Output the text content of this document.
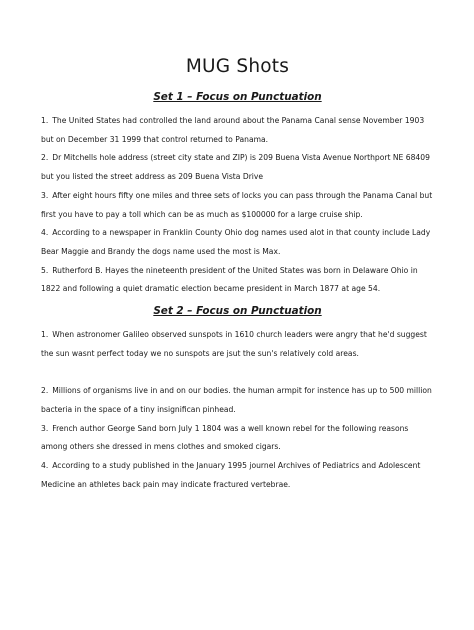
MUG Shots
Set 1 – Focus on Punctuation

1. The United States had controlled the land around about the Panama Canal sense November 1903 but on December 31 1999 that control returned to Panama.

2. Dr Mitchells hole address (street city state and ZIP) is 209 Buena Vista Avenue Northport NE 68409 but you listed the street address as 209 Buena Vista Drive

3. After eight hours fifty one miles and three sets of locks you can pass through the Panama Canal but first you have to pay a toll which can be as much as $100000 for a large cruise ship.

4. According to a newspaper in Franklin County Ohio dog names used alot in that county include Lady Bear Maggie and Brandy the dogs name used the most is Max.

5. Rutherford B. Hayes the nineteenth president of the United States was born in Delaware Ohio in 1822 and following a quiet dramatic election became president in March 1877 at age 54.

Set 2 – Focus on Punctuation

1. When astronomer Galileo observed sunspots in 1610 church leaders were angry that he'd suggest the sun wasnt perfect today we no sunspots are jsut the sun's relatively cold areas.

2. Millions of organisms live in and on our bodies. the human armpit for instence has up to 500 million bacteria in the space of a tiny insignifican pinhead.

3. French author George Sand born July 1 1804 was a well known rebel for the following reasons among others she dressed in mens clothes and smoked cigars.

4. According to a study published in the January 1995 journel Archives of Pediatrics and Adolescent Medicine an athletes back pain may indicate fractured vertebrae.
